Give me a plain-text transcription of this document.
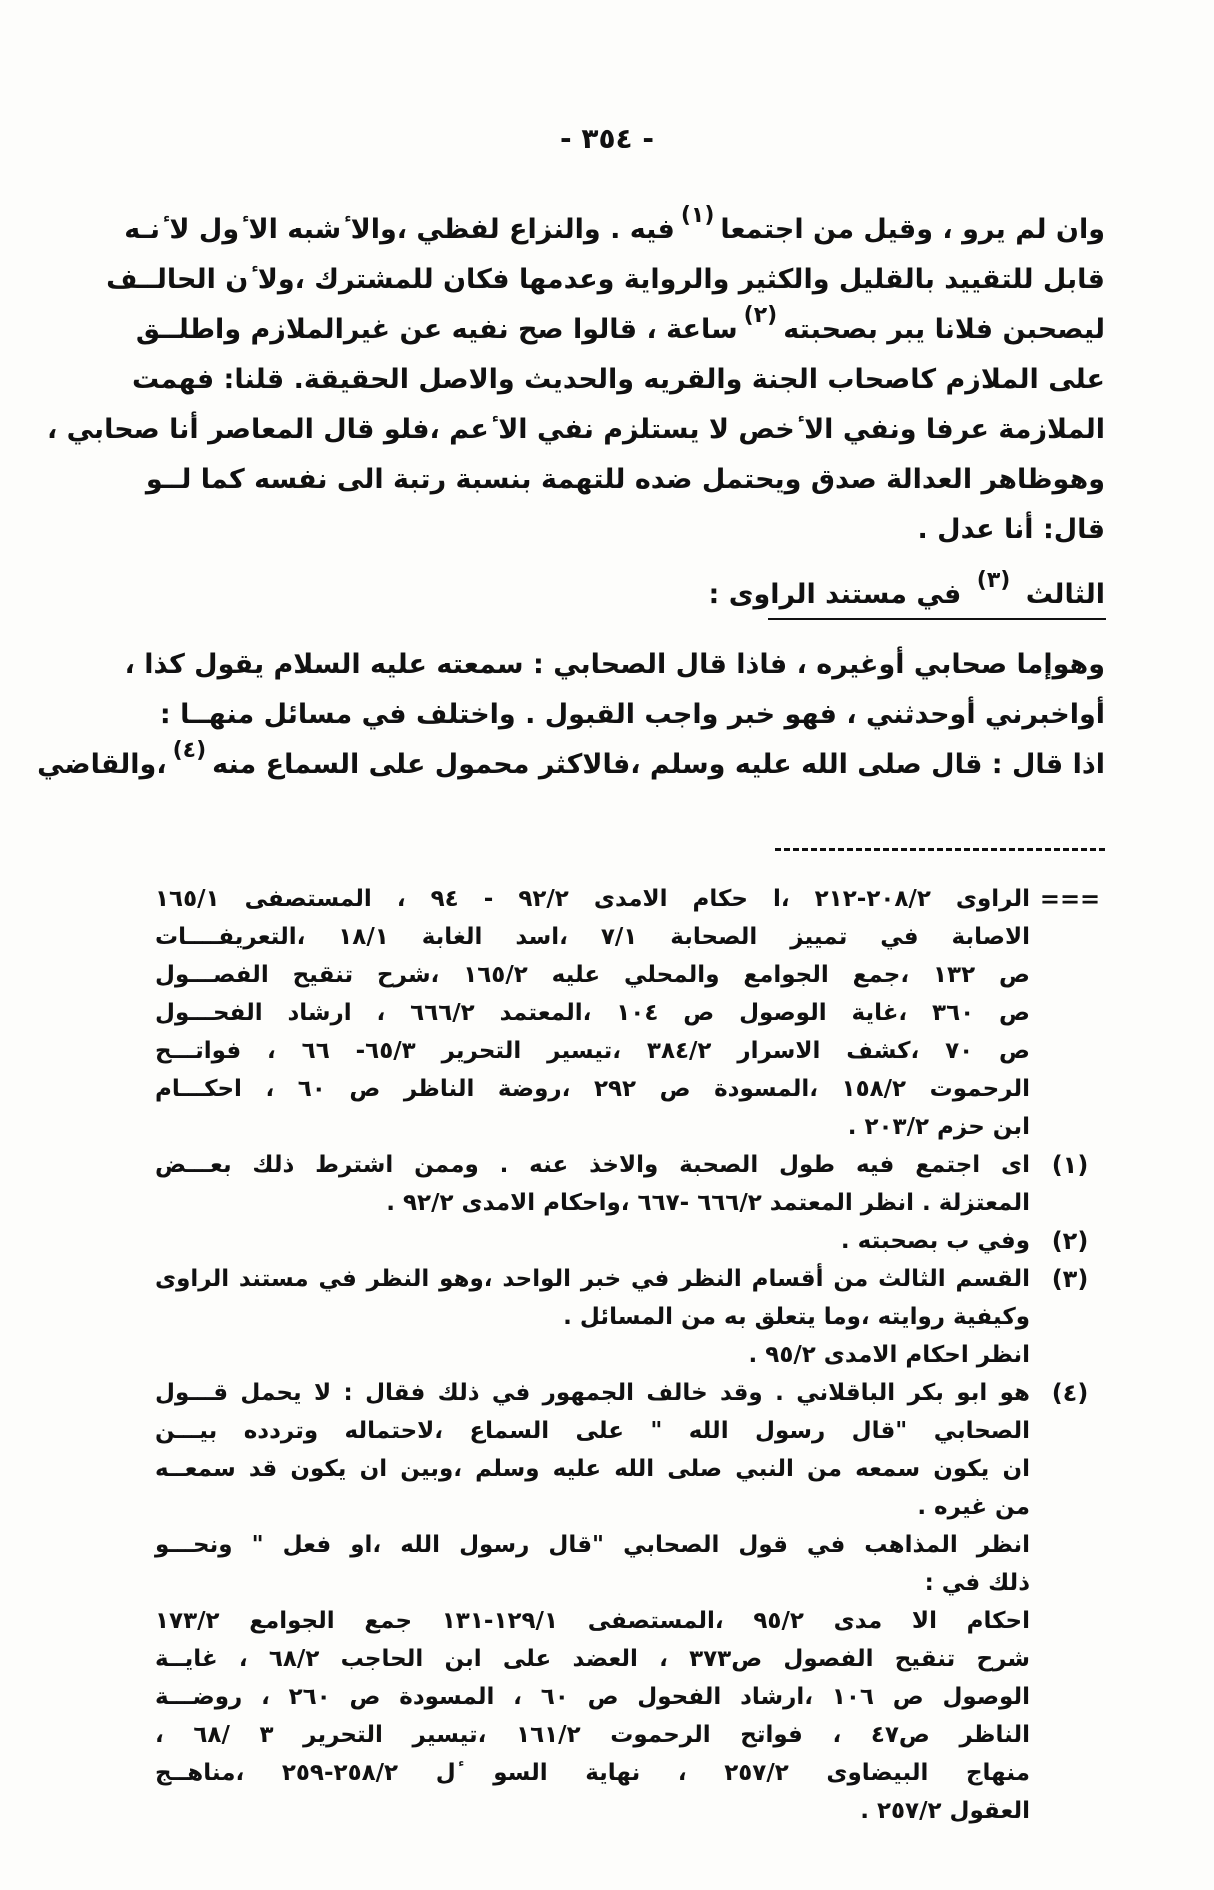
- ٣٥٤ -
وان لم يرو ، وقيل من اجتمعا$^{(١)}$فيه . والنزاع لفظي ،والا ٔشبه الا ٔول لا ٔنـه
قابل للتقييد بالقليل والكثير والرواية وعدمها فكان للمشترك ،ولا ٔن الحالــف
ليصحبن فلانا يبر بصحبته$^{(٢)}$ساعة ، قالوا صح نفيه عن غيرالملازم واطلــق
على الملازم كاصحاب الجنة والقريه والحديث والاصل الحقيقة. قلنا: فهمت
الملازمة عرفا ونفي الا ٔخص لا يستلزم نفي الا ٔعم ،فلو قال المعاصر أنا صحابي ،
وهوظاهر العدالة صدق ويحتمل ضده للتهمة بنسبة رتبة الى نفسه كما لــو
قال: أنا عدل .
الثالث $^{(٣)}$ في مستند الراوى :
وهوإما صحابي أوغيره ، فاذا قال الصحابي : سمعته عليه السلام يقول كذا ،
أواخبرني أوحدثني ، فهو خبر واجب القبول . واختلف في مسائل منهــا :
اذا قال : قال صلى الله عليه وسلم ،فالاكثر محمول على السماع منه$^{(٤)}$،والقاضي
===
الراوى ٢٠٨/٢-٢١٢ ،ا حكام الامدى ٩٢/٢ - ٩٤ ، المستصفى ١٦٥/١
الاصابة في تمييز الصحابة ٧/١ ،اسد الغابة ١٨/١ ،التعريفــــات
ص ١٣٢ ،جمع الجوامع والمحلي عليه ١٦٥/٢ ،شرح تنقيح الفصـــول
ص ٣٦٠ ،غاية الوصول ص ١٠٤ ،المعتمد ٦٦٦/٢ ، ارشاد الفحـــول
ص ٧٠ ،كشف الاسرار ٣٨٤/٢ ،تيسير التحرير ٦٥/٣- ٦٦ ، فواتـــح
الرحموت ١٥٨/٢ ،المسودة ص ٢٩٢ ،روضة الناظر ص ٦٠ ، احكـــام
ابن حزم ٢٠٣/٢ .
(١)
اى اجتمع فيه طول الصحبة والاخذ عنه . وممن اشترط ذلك بعـــض
المعتزلة . انظر المعتمد ٦٦٦/٢ -٦٦٧ ،واحكام الامدى ٩٢/٢ .
(٢)
وفي ب بصحبته .
(٣)
القسم الثالث من أقسام النظر في خبر الواحد ،وهو النظر في مستند الراوى
وكيفية روايته ،وما يتعلق به من المسائل .
انظر احكام الامدى ٩٥/٢ .
(٤)
هو ابو بكر الباقلاني . وقد خالف الجمهور في ذلك فقال : لا يحمل قـــول
الصحابي "قال رسول الله " على السماع ،لاحتماله وتردده بيـــن
ان يكون سمعه من النبي صلى الله عليه وسلم ،وبين ان يكون قد سمعــه
من غيره .
انظر المذاهب في قول الصحابي "قال رسول الله ،او فعل " ونحـــو
ذلك في :
احكام الا مدى ٩٥/٢ ،المستصفى ١٢٩/١-١٣١ جمع الجوامع ١٧٣/٢
شرح تنقيح الفصول ص٣٧٣ ، العضد على ابن الحاجب ٦٨/٢ ، غايــة
الوصول ص ١٠٦ ،ارشاد الفحول ص ٦٠ ، المسودة ص ٢٦٠ ، روضـــة
الناظر ص٤٧ ، فواتح الرحموت ١٦١/٢ ،تيسير التحرير ٣ /٦٨ ،
منهاج البيضاوى ٢٥٧/٢ ، نهاية السو ٔل ٢٥٨/٢-٢٥٩ ،مناهــج
العقول ٢٥٧/٢ .
